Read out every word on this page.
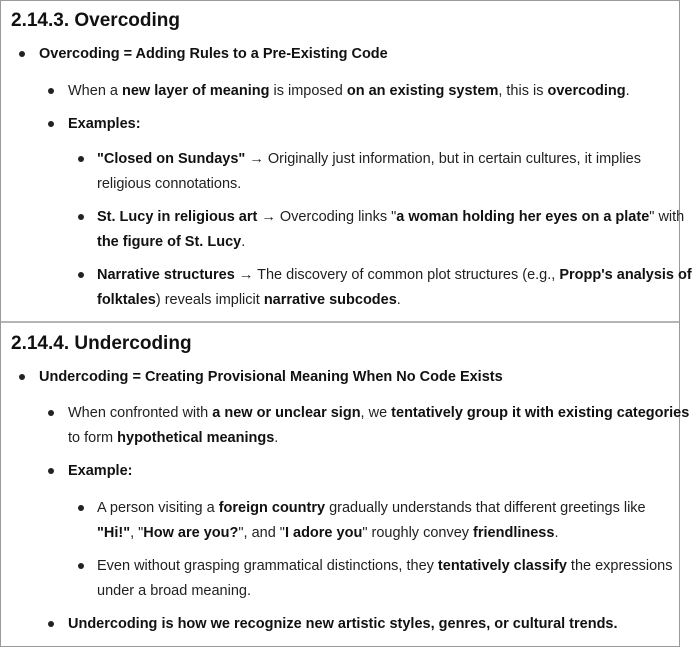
2.14.3. Overcoding
Overcoding = Adding Rules to a Pre-Existing Code
When a new layer of meaning is imposed on an existing system, this is overcoding.
Examples:
"Closed on Sundays" → Originally just information, but in certain cultures, it implies
religious connotations.
St. Lucy in religious art → Overcoding links "a woman holding her eyes on a plate" with
the figure of St. Lucy.
Narrative structures → The discovery of common plot structures (e.g., Propp's analysis of
folktales) reveals implicit narrative subcodes.
2.14.4. Undercoding
Undercoding = Creating Provisional Meaning When No Code Exists
When confronted with a new or unclear sign, we tentatively group it with existing categories
to form hypothetical meanings.
Example:
A person visiting a foreign country gradually understands that different greetings like
"Hi!", "How are you?", and "I adore you" roughly convey friendliness.
Even without grasping grammatical distinctions, they tentatively classify the expressions
under a broad meaning.
Undercoding is how we recognize new artistic styles, genres, or cultural trends.
